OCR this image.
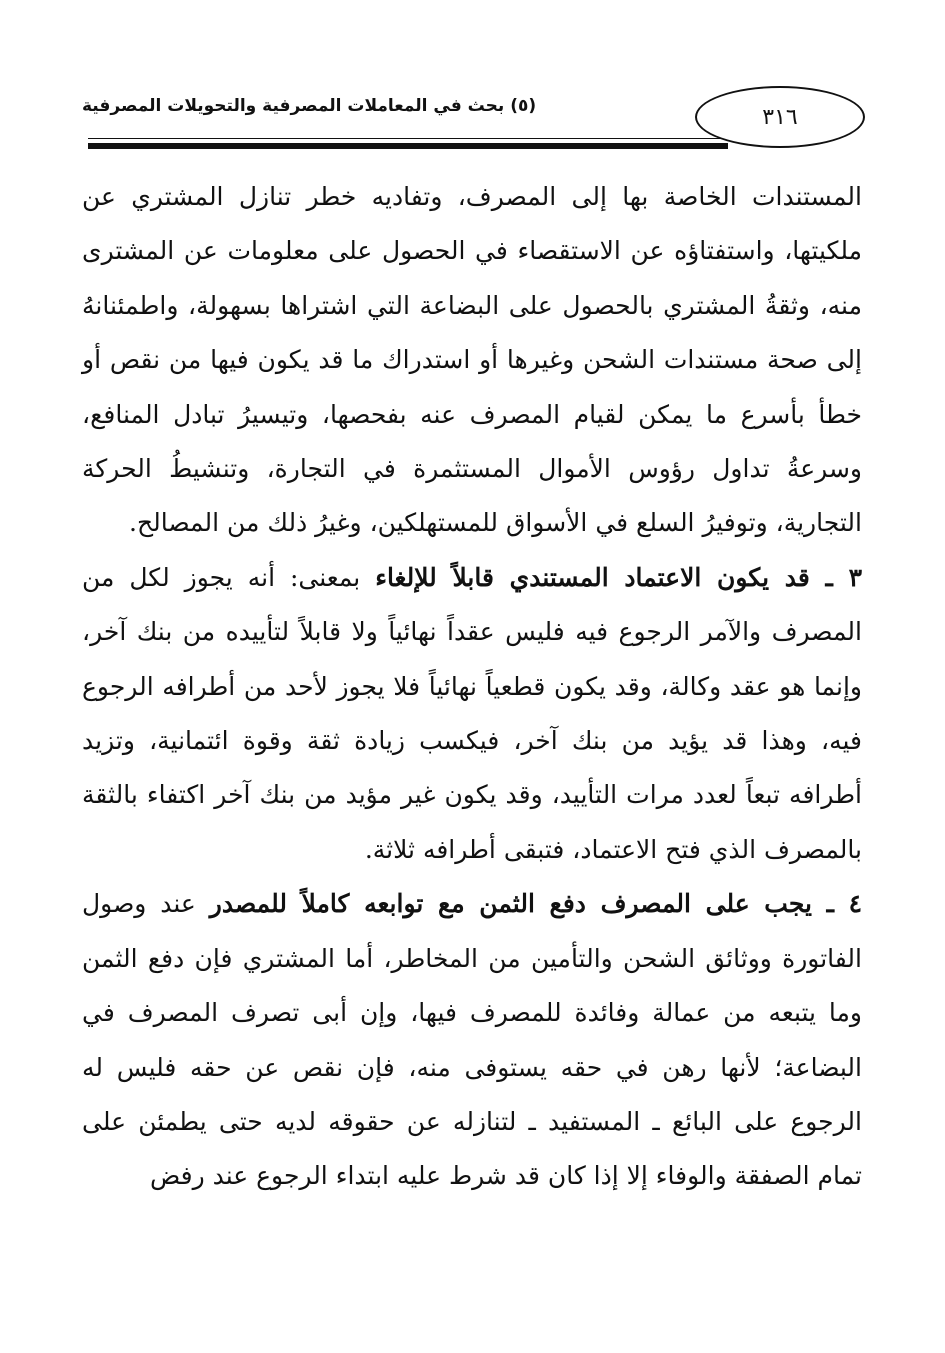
(٥) بحث في المعاملات المصرفية والتحويلات المصرفية	٣١٦

المستندات الخاصة بها إلى المصرف، وتفاديه خطر تنازل المشتري عن ملكيتها، واستفتاؤه عن الاستقصاء في الحصول على معلومات عن المشترى منه، وثقةُ المشتري بالحصول على البضاعة التي اشتراها بسهولة، واطمئنانهُ إلى صحة مستندات الشحن وغيرها أو استدراك ما قد يكون فيها من نقص أو خطأ بأسرع ما يمكن لقيام المصرف عنه بفحصها، وتيسيرُ تبادل المنافع، وسرعةُ تداول رؤوس الأموال المستثمرة في التجارة، وتنشيطُ الحركة التجارية، وتوفيرُ السلع في الأسواق للمستهلكين، وغيرُ ذلك من المصالح.

٣ ـ قد يكون الاعتماد المستندي قابلاً للإلغاء بمعنى: أنه يجوز لكل من المصرف والآمر الرجوع فيه فليس عقداً نهائياً ولا قابلاً لتأييده من بنك آخر، وإنما هو عقد وكالة، وقد يكون قطعياً نهائياً فلا يجوز لأحد من أطرافه الرجوع فيه، وهذا قد يؤيد من بنك آخر، فيكسب زيادة ثقة وقوة ائتمانية، وتزيد أطرافه تبعاً لعدد مرات التأييد، وقد يكون غير مؤيد من بنك آخر اكتفاء بالثقة بالمصرف الذي فتح الاعتماد، فتبقى أطرافه ثلاثة.

٤ ـ يجب على المصرف دفع الثمن مع توابعه كاملاً للمصدر عند وصول الفاتورة ووثائق الشحن والتأمين من المخاطر، أما المشتري فإن دفع الثمن وما يتبعه من عمالة وفائدة للمصرف فيها، وإن أبى تصرف المصرف في البضاعة؛ لأنها رهن في حقه يستوفى منه، فإن نقص عن حقه فليس له الرجوع على البائع ـ المستفيد ـ لتنازله عن حقوقه لديه حتى يطمئن على تمام الصفقة والوفاء إلا إذا كان قد شرط عليه ابتداء الرجوع عند رفض
